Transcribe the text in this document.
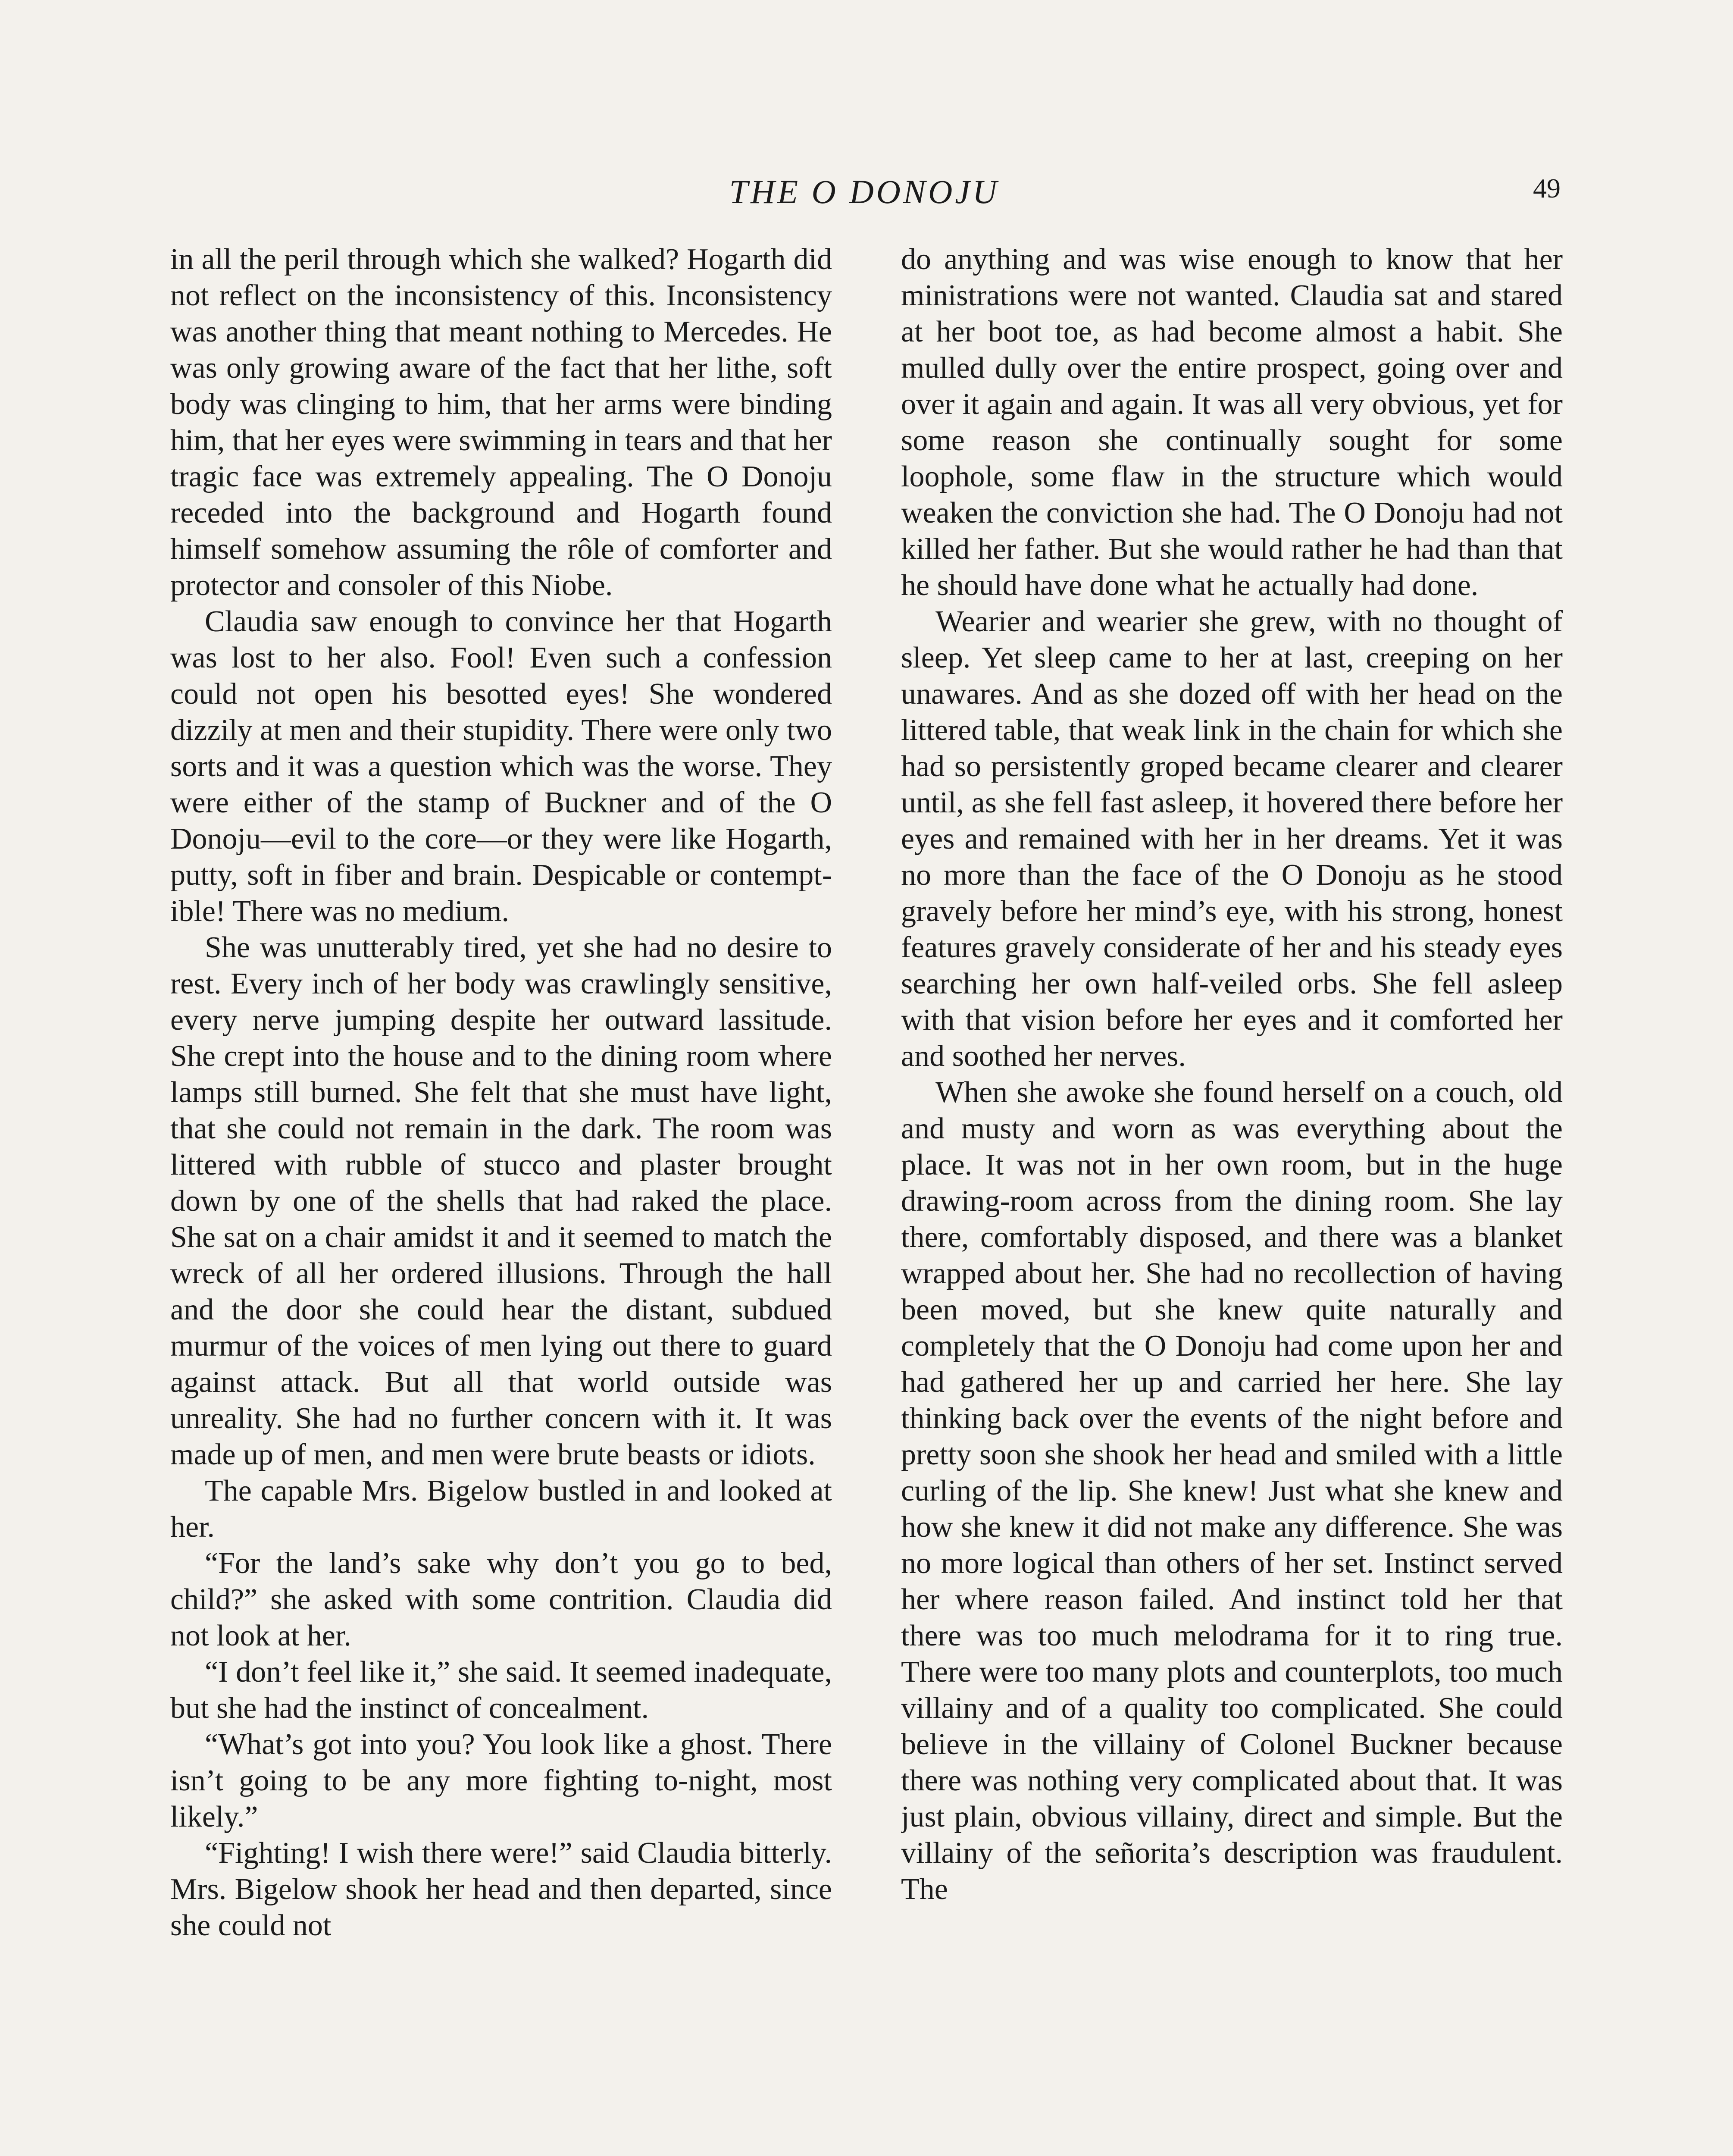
THE O DONOJU	49

in all the peril through which she walked? Hogarth did not reflect on the inconsistency of this. Inconsistency was another thing that meant nothing to Mercedes. He was only growing aware of the fact that her lithe, soft body was clinging to him, that her arms were binding him, that her eyes were swimming in tears and that her tragic face was extremely appealing. The O Donoju receded into the background and Hogarth found himself somehow assuming the rôle of comforter and protector and consoler of this Niobe.

Claudia saw enough to convince her that Hogarth was lost to her also. Fool! Even such a confession could not open his besotted eyes! She wondered dizzily at men and their stupidity. There were only two sorts and it was a question which was the worse. They were either of the stamp of Buckner and of the O Donoju—evil to the core—or they were like Hogarth, putty, soft in fiber and brain. Despicable or contemptible! There was no medium.

She was unutterably tired, yet she had no desire to rest. Every inch of her body was crawlingly sensitive, every nerve jumping despite her outward lassitude. She crept into the house and to the dining room where lamps still burned. She felt that she must have light, that she could not remain in the dark. The room was littered with rubble of stucco and plaster brought down by one of the shells that had raked the place. She sat on a chair amidst it and it seemed to match the wreck of all her ordered illusions. Through the hall and the door she could hear the distant, subdued murmur of the voices of men lying out there to guard against attack. But all that world outside was unreality. She had no further concern with it. It was made up of men, and men were brute beasts or idiots.

The capable Mrs. Bigelow bustled in and looked at her.

“For the land’s sake why don’t you go to bed, child?” she asked with some contrition. Claudia did not look at her.

“I don’t feel like it,” she said. It seemed inadequate, but she had the instinct of concealment.

“What’s got into you? You look like a ghost. There isn’t going to be any more fighting to-night, most likely.”

“Fighting! I wish there were!” said Claudia bitterly. Mrs. Bigelow shook her head and then departed, since she could not

do anything and was wise enough to know that her ministrations were not wanted. Claudia sat and stared at her boot toe, as had become almost a habit. She mulled dully over the entire prospect, going over and over it again and again. It was all very obvious, yet for some reason she continually sought for some loophole, some flaw in the structure which would weaken the conviction she had. The O Donoju had not killed her father. But she would rather he had than that he should have done what he actually had done.

Wearier and wearier she grew, with no thought of sleep. Yet sleep came to her at last, creeping on her unawares. And as she dozed off with her head on the littered table, that weak link in the chain for which she had so persistently groped became clearer and clearer until, as she fell fast asleep, it hovered there before her eyes and remained with her in her dreams. Yet it was no more than the face of the O Donoju as he stood gravely before her mind’s eye, with his strong, honest features gravely considerate of her and his steady eyes searching her own half-veiled orbs. She fell asleep with that vision before her eyes and it comforted her and soothed her nerves.

When she awoke she found herself on a couch, old and musty and worn as was everything about the place. It was not in her own room, but in the huge drawing-room across from the dining room. She lay there, comfortably disposed, and there was a blanket wrapped about her. She had no recollection of having been moved, but she knew quite naturally and completely that the O Donoju had come upon her and had gathered her up and carried her here. She lay thinking back over the events of the night before and pretty soon she shook her head and smiled with a little curling of the lip. She knew! Just what she knew and how she knew it did not make any difference. She was no more logical than others of her set. Instinct served her where reason failed. And instinct told her that there was too much melodrama for it to ring true. There were too many plots and counterplots, too much villainy and of a quality too complicated. She could believe in the villainy of Colonel Buckner because there was nothing very complicated about that. It was just plain, obvious villainy, direct and simple. But the villainy of the señorita’s description was fraudulent. The
